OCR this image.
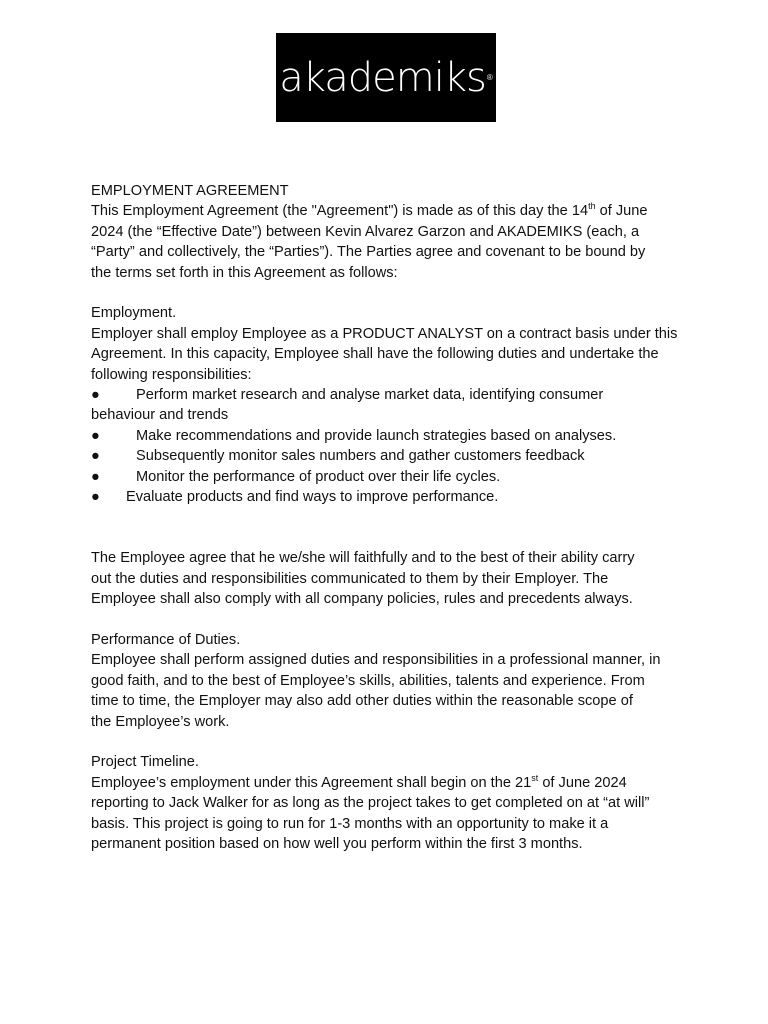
akademiks ®
EMPLOYMENT AGREEMENT
This Employment Agreement (the "Agreement") is made as of this day the 14th of June
2024 (the “Effective Date”) between Kevin Alvarez Garzon and AKADEMIKS (each, a
“Party” and collectively, the “Parties”). The Parties agree and covenant to be bound by
the terms set forth in this Agreement as follows:
Employment.
Employer shall employ Employee as a PRODUCT ANALYST on a contract basis under this
Agreement. In this capacity, Employee shall have the following duties and undertake the
following responsibilities:
● Perform market research and analyse market data, identifying consumer
behaviour and trends
● Make recommendations and provide launch strategies based on analyses.
● Subsequently monitor sales numbers and gather customers feedback
● Monitor the performance of product over their life cycles.
● Evaluate products and find ways to improve performance.
The Employee agree that he we/she will faithfully and to the best of their ability carry
out the duties and responsibilities communicated to them by their Employer. The
Employee shall also comply with all company policies, rules and precedents always.
Performance of Duties.
Employee shall perform assigned duties and responsibilities in a professional manner, in
good faith, and to the best of Employee’s skills, abilities, talents and experience. From
time to time, the Employer may also add other duties within the reasonable scope of
the Employee’s work.
Project Timeline.
Employee’s employment under this Agreement shall begin on the 21st of June 2024
reporting to Jack Walker for as long as the project takes to get completed on at “at will”
basis. This project is going to run for 1-3 months with an opportunity to make it a
permanent position based on how well you perform within the first 3 months.
